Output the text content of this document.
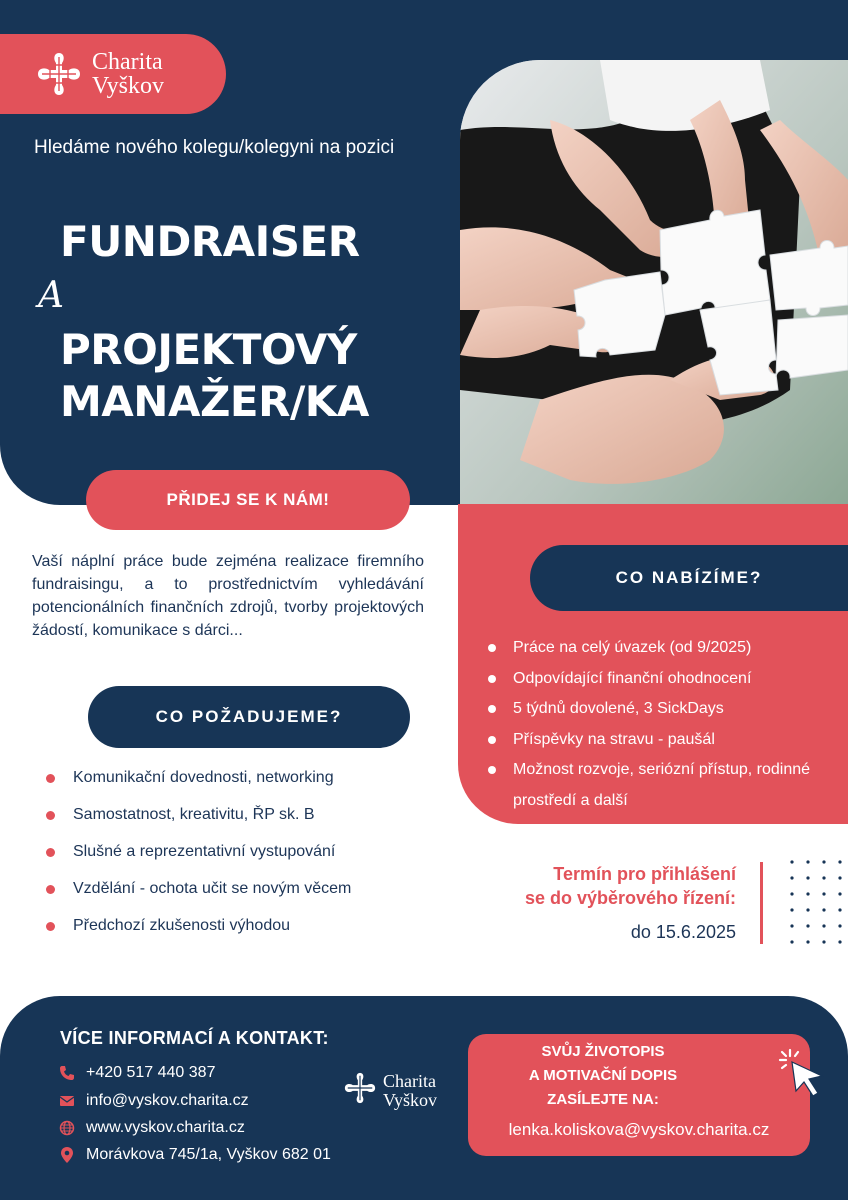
Charita
Vyškov
Hledáme nového kolegu/kolegyni na pozici
FUNDRAISER
A
PROJEKTOVÝ MANAŽER/KA
PŘIDEJ SE K NÁM!
Vaší náplní práce bude zejména realizace firemního fundraisingu, a to prostřednictvím vyhledávání potencionálních finančních zdrojů, tvorby projektových žádostí, komunikace s dárci...
CO POŽADUJEME?
Komunikační dovednosti, networking
Samostatnost, kreativitu, ŘP sk. B
Slušné a reprezentativní vystupování
Vzdělání - ochota učit se novým věcem
Předchozí zkušenosti výhodou
CO NABÍZÍME?
Práce na celý úvazek (od 9/2025)
Odpovídající finanční ohodnocení
5 týdnů dovolené, 3 SickDays
Příspěvky na stravu - paušál
Možnost rozvoje, seriózní přístup, rodinné prostředí a další
Termín pro přihlášení
se do výběrového řízení:
do 15.6.2025
VÍCE INFORMACÍ A KONTAKT:
+420 517 440 387
info@vyskov.charita.cz
www.vyskov.charita.cz
Morávkova 745/1a, Vyškov 682 01
Charita
Vyškov
SVŮJ ŽIVOTOPIS
A MOTIVAČNÍ DOPIS
ZASÍLEJTE NA:
lenka.koliskova@vyskov.charita.cz
